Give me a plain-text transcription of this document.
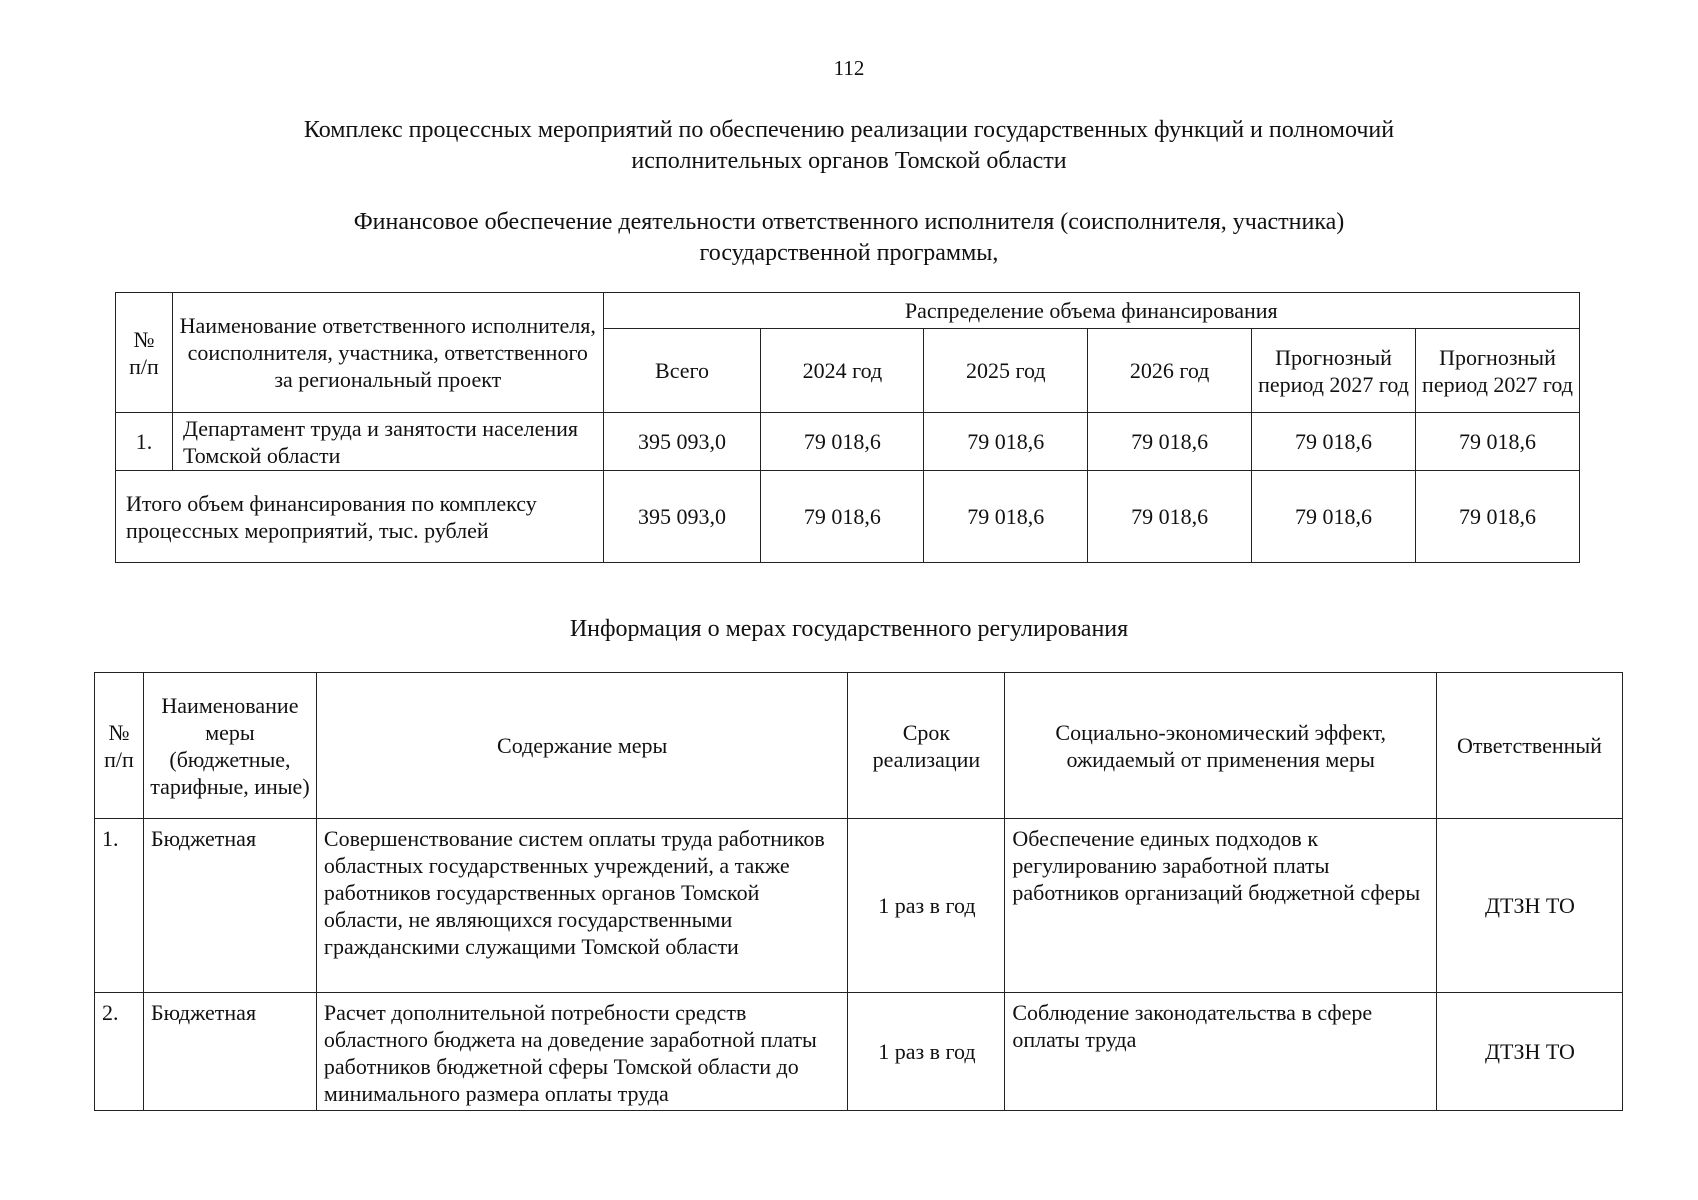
112
Комплекс процессных мероприятий по обеспечению реализации государственных функций и полномочий
исполнительных органов Томской области
Финансовое обеспечение деятельности ответственного исполнителя (соисполнителя, участника)
государственной программы,
№ п/п	Наименование ответственного исполнителя, соисполнителя, участника, ответственного за региональный проект	Распределение объема финансирования					
		Всего	2024 год	2025 год	2026 год	Прогнозный период 2027 год	Прогнозный период 2027 год
1.	Департамент труда и занятости населения Томской области	395 093,0	79 018,6	79 018,6	79 018,6	79 018,6	79 018,6
Итого объем финансирования по комплексу процессных мероприятий, тыс. рублей		395 093,0	79 018,6	79 018,6	79 018,6	79 018,6	79 018,6
Информация о мерах государственного регулирования
№ п/п	Наименование меры (бюджетные, тарифные, иные)	Содержание меры	Срок реализации	Социально-экономический эффект, ожидаемый от применения меры	Ответственный
1.	Бюджетная	Совершенствование систем оплаты труда работников областных государственных учреждений, а также работников государственных органов Томской области, не являющихся государственными гражданскими служащими Томской области	1 раз в год	Обеспечение единых подходов к регулированию заработной платы работников организаций бюджетной сферы	ДТЗН ТО
2.	Бюджетная	Расчет дополнительной потребности средств областного бюджета на доведение заработной платы работников бюджетной сферы Томской области до минимального размера оплаты труда	1 раз в год	Соблюдение законодательства в сфере оплаты труда	ДТЗН ТО
